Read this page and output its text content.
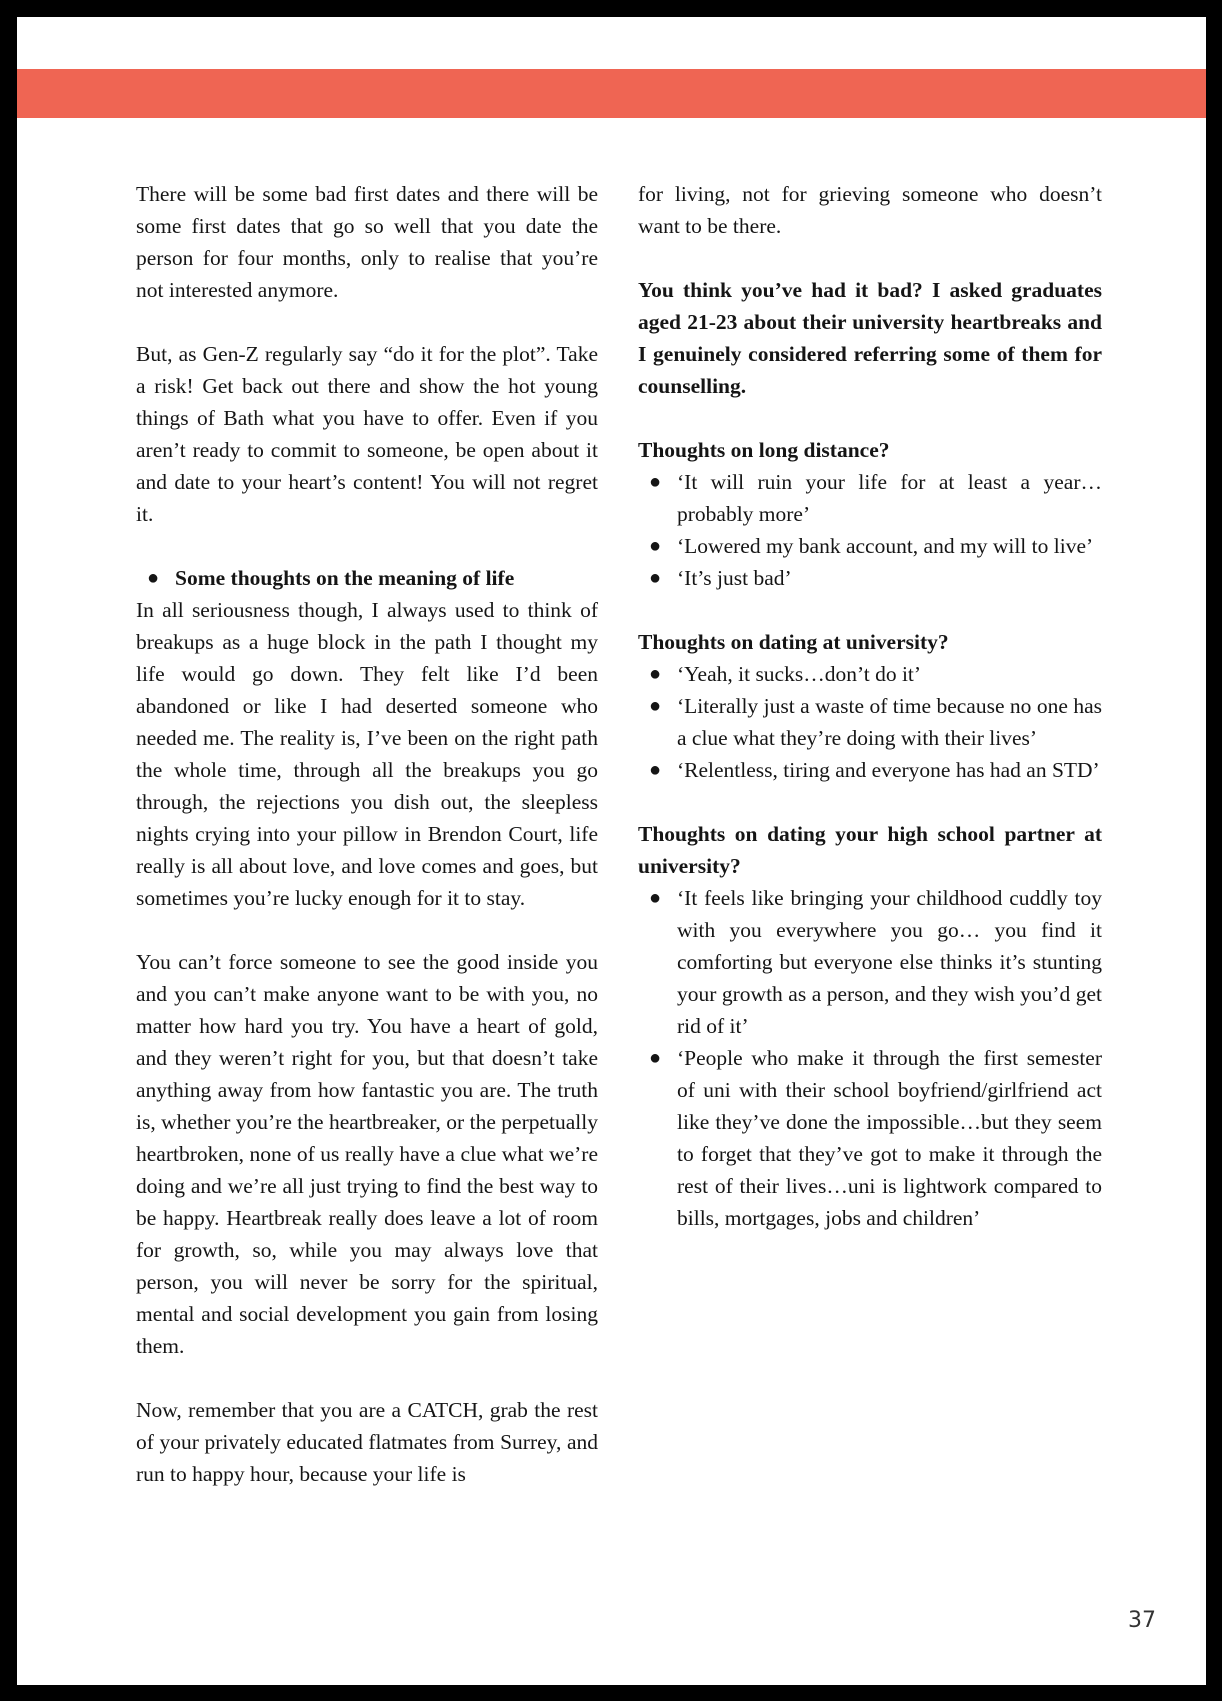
There will be some bad first dates and there will be some first dates that go so well that you date the person for four months, only to realise that you’re not interested anymore.

But, as Gen-Z regularly say “do it for the plot”. Take a risk! Get back out there and show the hot young things of Bath what you have to offer. Even if you aren’t ready to commit to someone, be open about it and date to your heart’s content! You will not regret it.

● Some thoughts on the meaning of life

In all seriousness though, I always used to think of breakups as a huge block in the path I thought my life would go down. They felt like I’d been abandoned or like I had deserted someone who needed me. The reality is, I’ve been on the right path the whole time, through all the breakups you go through, the rejections you dish out, the sleepless nights crying into your pillow in Brendon Court, life really is all about love, and love comes and goes, but sometimes you’re lucky enough for it to stay.

You can’t force someone to see the good inside you and you can’t make anyone want to be with you, no matter how hard you try. You have a heart of gold, and they weren’t right for you, but that doesn’t take anything away from how fantastic you are. The truth is, whether you’re the heartbreaker, or the perpetually heartbroken, none of us really have a clue what we’re doing and we’re all just trying to find the best way to be happy. Heartbreak really does leave a lot of room for growth, so, while you may always love that person, you will never be sorry for the spiritual, mental and social development you gain from losing them.

Now, remember that you are a CATCH, grab the rest of your privately educated flatmates from Surrey, and run to happy hour, because your life is

for living, not for grieving someone who doesn’t want to be there.

You think you’ve had it bad? I asked graduates aged 21-23 about their university heartbreaks and I genuinely considered referring some of them for counselling.

Thoughts on long distance?
● ‘It will ruin your life for at least a year… probably more’
● ‘Lowered my bank account, and my will to live’
● ‘It’s just bad’
Thoughts on dating at university?
● ‘Yeah, it sucks…don’t do it’
● ‘Literally just a waste of time because no one has a clue what they’re doing with their lives’
● ‘Relentless, tiring and everyone has had an STD’
Thoughts on dating your high school partner at university?
● ‘It feels like bringing your childhood cuddly toy with you everywhere you go… you find it comforting but everyone else thinks it’s stunting your growth as a person, and they wish you’d get rid of it’
● ‘People who make it through the first semester of uni with their school boyfriend/girlfriend act like they’ve done the impossible…but they seem to forget that they’ve got to make it through the rest of their lives…uni is lightwork compared to bills, mortgages, jobs and children’
37
